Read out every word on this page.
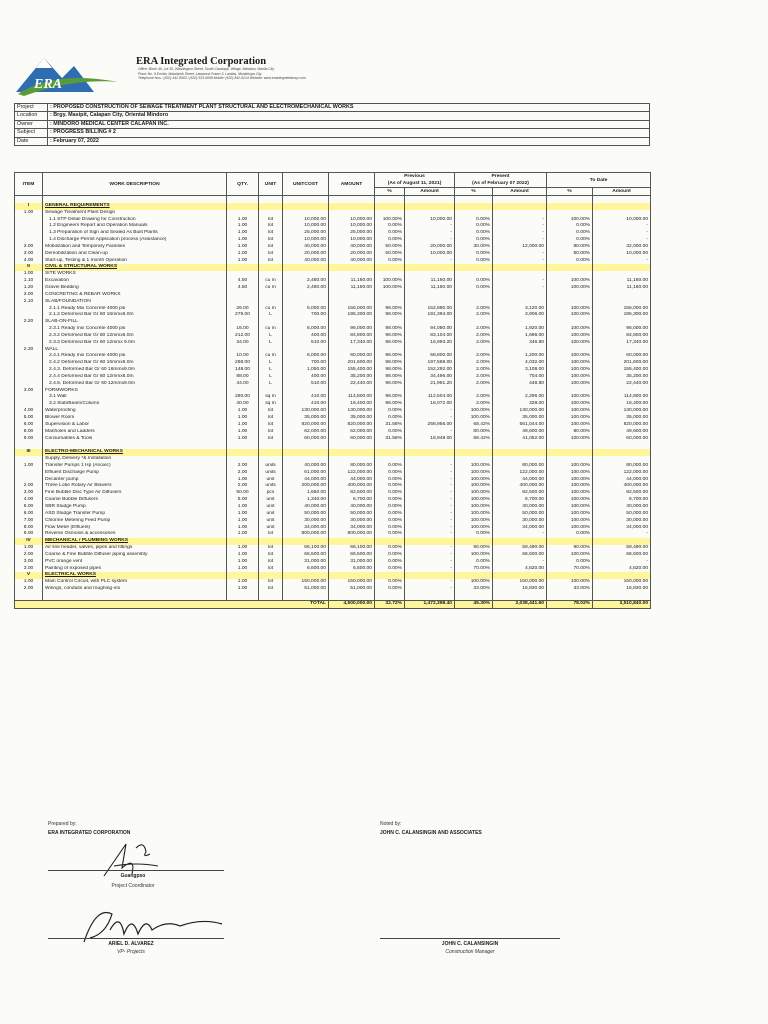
ERA
ERA Integrated Corporation
Office: Block 45, Lot 35, Washington Street, South Cavalapit, Village, Malabon, Manila City
Plant: No. 9 Ermita, Matahimik Street, Lalaworst Frawn 3, Lanitas, Montinlupa City
Telephone Nos.: (632) 442-8563 / (632) 533-6099 Mobile: (632) 842-6214 Website: www.eraintegratedcorp.com
Project	: PROPOSED CONSTRUCTION OF SEWAGE TREATMENT PLANT STRUCTURAL AND ELECTROMECHANICAL WORKS
Location	: Brgy. Masipit, Calapan City, Oriental Mindoro
Owner	: MINDORO MEDICAL CENTER CALAPAN INC.
Subject	: PROGRESS BILLING # 2
Date	: February 07, 2022
ITEM	WORK DESCRIPTION	QTY.	UNIT	UNITCOST	AMOUNT	Previous		Present		To Date	
						(As of August 11, 2021)		(As of February 07 2022)			
						%	Amount	%	Amount	%	Amount

I	GENERAL REQUIREMENTS										
1.00	Sewage Treatment Plant Design										
	1.1 STP Detail Drawing for Construction	1.00	lot	10,000.00	10,000.00	100.00%	10,000.00	0.00%	-	100.00%	10,000.00
	1.2 Engineers Report and Operation Manuals	1.00	lot	10,000.00	10,000.00	0.00%	-	0.00%	-	0.00%	-
	1.3 Preparation of Sign and Sealed As Built Plants	1.00	lot	25,000.00	25,000.00	0.00%	-	0.00%	-	0.00%	-
	1.4 Discharge Permit Application process (Assistance)	1.00	lot	10,000.00	10,000.00	0.00%	-	0.00%	-	0.00%	-
2.00	Mobilization and Temporary Facilities	1.00	lot	40,000.00	40,000.00	50.00%	20,000.00	30.00%	12,000.00	80.00%	32,000.00
3.00	Demobilization and Clean-up	1.00	lot	20,000.00	20,000.00	50.00%	10,000.00	0.00%	-	50.00%	10,000.00
4.00	Start-up, Testing & 1 month Operation	1.00	lot	40,000.00	40,000.00	0.00%	-	0.00%	-	0.00%	-
II	CIVIL & STRUCTURAL WORKS										
1.00	SITE WORKS										
1.10	Excavation	4.50	cu m	2,480.00	11,160.00	100.00%	11,160.00	0.00%	-	100.00%	11,160.00
1.20	Gravel Bedding	4.50	cu m	2,480.00	11,160.00	100.00%	11,160.00	0.00%	-	100.00%	11,160.00
2.00	CONCRETING & REBAR WORKS										
2.10	SLAB/FOUNDATION										
	2.1.1 Ready Mix Concrete 4000 psi	26.00	cu m	6,000.00	156,000.00	98.00%	152,880.00	2.00%	3,120.00	100.00%	156,000.00
	2.1.2 Deformed Bar Gr 60 16mmx6.0m	279.00	L	700.00	195,300.00	98.00%	191,394.00	2.00%	3,906.00	100.00%	195,300.00
2.20	SLAB-ON-FILL										
	2.3.1 Ready mix Concrete 4000 psi	16.00	cu m	6,000.00	96,000.00	98.00%	94,080.00	2.00%	1,920.00	100.00%	96,000.00
	2.3.2 Deformed Bar Gr 60 12mmx6.0m	212.00	L	400.00	84,800.00	98.00%	83,104.00	2.00%	1,696.00	100.00%	84,800.00
	2.3.3 Deformed Bar Gr 60 12mmx 9.0m	34.00	L	510.00	17,340.00	98.00%	16,993.20	2.00%	346.80	100.00%	17,340.00
2.30	WALL										
	2.4.1 Ready mix Concrete 4000 psi	10.00	cu m	6,000.00	60,000.00	98.00%	58,800.00	2.00%	1,200.00	100.00%	60,000.00
	2.4.2 Deformed Bar Gr 60 16mmx6.0m	288.00	L	700.00	201,600.00	98.00%	197,568.00	2.00%	4,032.00	100.00%	201,600.00
	2.4.3. Deformed Bar Gr 60 16mmx9.0m	148.00	L	1,050.00	155,400.00	98.00%	152,292.00	2.00%	3,108.00	100.00%	155,400.00
	2.4.4 Deformed Bar Gr 60 12mmx6.0m	88.00	L	400.00	35,200.00	98.00%	34,496.00	2.00%	704.00	100.00%	35,200.00
	2.4.5. Deformed Bar Gr 60 12mmx9.0m	44.00	L	510.00	22,440.00	98.00%	21,991.20	2.00%	448.80	100.00%	22,440.00
3.00	FORMWORKS										
	3.1 Wall	280.00	sq m	410.00	114,800.00	98.00%	112,504.00	2.00%	2,296.00	100.00%	114,800.00
	3.2 Slab/Beam/Column	40.00	sq m	410.00	16,400.00	98.00%	16,072.00	2.00%	328.00	100.00%	16,400.00
4.00	Waterproofing	1.00	lot	130,000.00	130,000.00	0.00%	-	100.00%	130,000.00	100.00%	130,000.00
5.00	Blower Room	1.00	lot	35,000.00	35,000.00	0.00%	-	100.00%	35,000.00	100.00%	35,000.00
6.00	Supervision & Labor	1.00	lot	820,000.00	820,000.00	31.58%	258,956.00	68.42%	561,044.00	100.00%	820,000.00
8.00	Manholes and Ladders	1.00	lot	62,000.00	62,000.00	0.00%	-	80.00%	49,600.00	80.00%	49,600.00
9.00	Consumables & Tools	1.00	lot	60,000.00	60,000.00	31.58%	18,948.00	68.42%	41,052.00	100.00%	60,000.00

III	ELECTRO-MECHANICAL WORKS										
	Supply, Delivery *& Installation										
1.00	Transfer Pumps 1 Hp (Anoxic)	2.00	units	40,000.00	80,000.00	0.00%	-	100.00%	80,000.00	100.00%	80,000.00
	Effluent Discharge Pump	2.00	units	61,000.00	122,000.00	0.00%	-	100.00%	122,000.00	100.00%	122,000.00
	Decanter pump	1.00	unit	44,000.00	44,000.00	0.00%	-	100.00%	44,000.00	100.00%	44,000.00
2.00	Three Lobe Rotary Air Blowers	2.00	units	200,000.00	400,000.00	0.00%	-	100.00%	400,000.00	100.00%	400,000.00
3.00	Fine Bubble Disc Type Air Diffusers	50.00	pcs	1,650.00	82,500.00	0.00%	-	100.00%	82,500.00	100.00%	82,500.00
4.00	Coarse Bubble Diffusers	5.00	unit	1,340.00	6,700.00	0.00%	-	100.00%	6,700.00	100.00%	6,700.00
5.00	SBR Sludge Pump	1.00	unit	40,000.00	40,000.00	0.00%	-	100.00%	40,000.00	100.00%	40,000.00
6.00	ASD Sludge Transfer Pump	1.00	unit	50,000.00	50,000.00	0.00%	-	100.00%	50,000.00	100.00%	50,000.00
7.00	Chlorine Metering Feed Pump	1.00	unit	30,000.00	30,000.00	0.00%	-	100.00%	30,000.00	100.00%	30,000.00
8.00	Flow Meter (Effluent)	1.00	unit	34,000.00	34,000.00	0.00%	-	100.00%	34,000.00	100.00%	34,000.00
9.00	Reverse Osmosis & accessories	1.00	lot	800,000.00	800,000.00	0.00%	-	0.00%	-	0.00%	-
IV	MECHANICAL / PLUMBING WORKS										
1.00	Air line header, valves, pipes and fittings	1.00	lot	66,100.00	66,100.00	0.00%	-	90.00%	59,490.00	90.00%	59,490.00
2.00	Coarse & Fine Bubble Diffuser piping assembly	1.00	lot	66,500.00	66,500.00	0.00%	-	100.00%	66,500.00	100.00%	66,500.00
3.00	PVC orange vent	1.00	lot	31,000.00	31,000.00	0.00%	-	0.00%	-	0.00%	-
3.00	Painting of exposed pipes	1.00	lot	6,600.00	6,600.00	0.00%	-	70.00%	4,620.00	70.00%	4,620.00
V	ELECTRICAL WORKS										
1.00	Main Control Circuit, with PLC system	1.00	lot	150,000.00	150,000.00	0.00%	-	100.00%	150,000.00	100.00%	150,000.00
2.00	Wirings, conduits and roughing-ins	1.00	lot	51,000.00	51,000.00	0.00%	-	33.00%	16,830.00	33.00%	16,830.00

TOTAL					4,500,000.00	32.72%	1,472,398.40	45.30%	2,038,441.60	78.02%	3,510,840.00
Prepared by:
ERA INTEGRATED CORPORATION
Noted by:
JOHN C. CALANSINGIN AND ASSOCIATES
Guangpso
Project Coordinator
ARIEL D. ALVAREZ
VP- Projects
JOHN C. CALANSINGIN
Construction Manager
